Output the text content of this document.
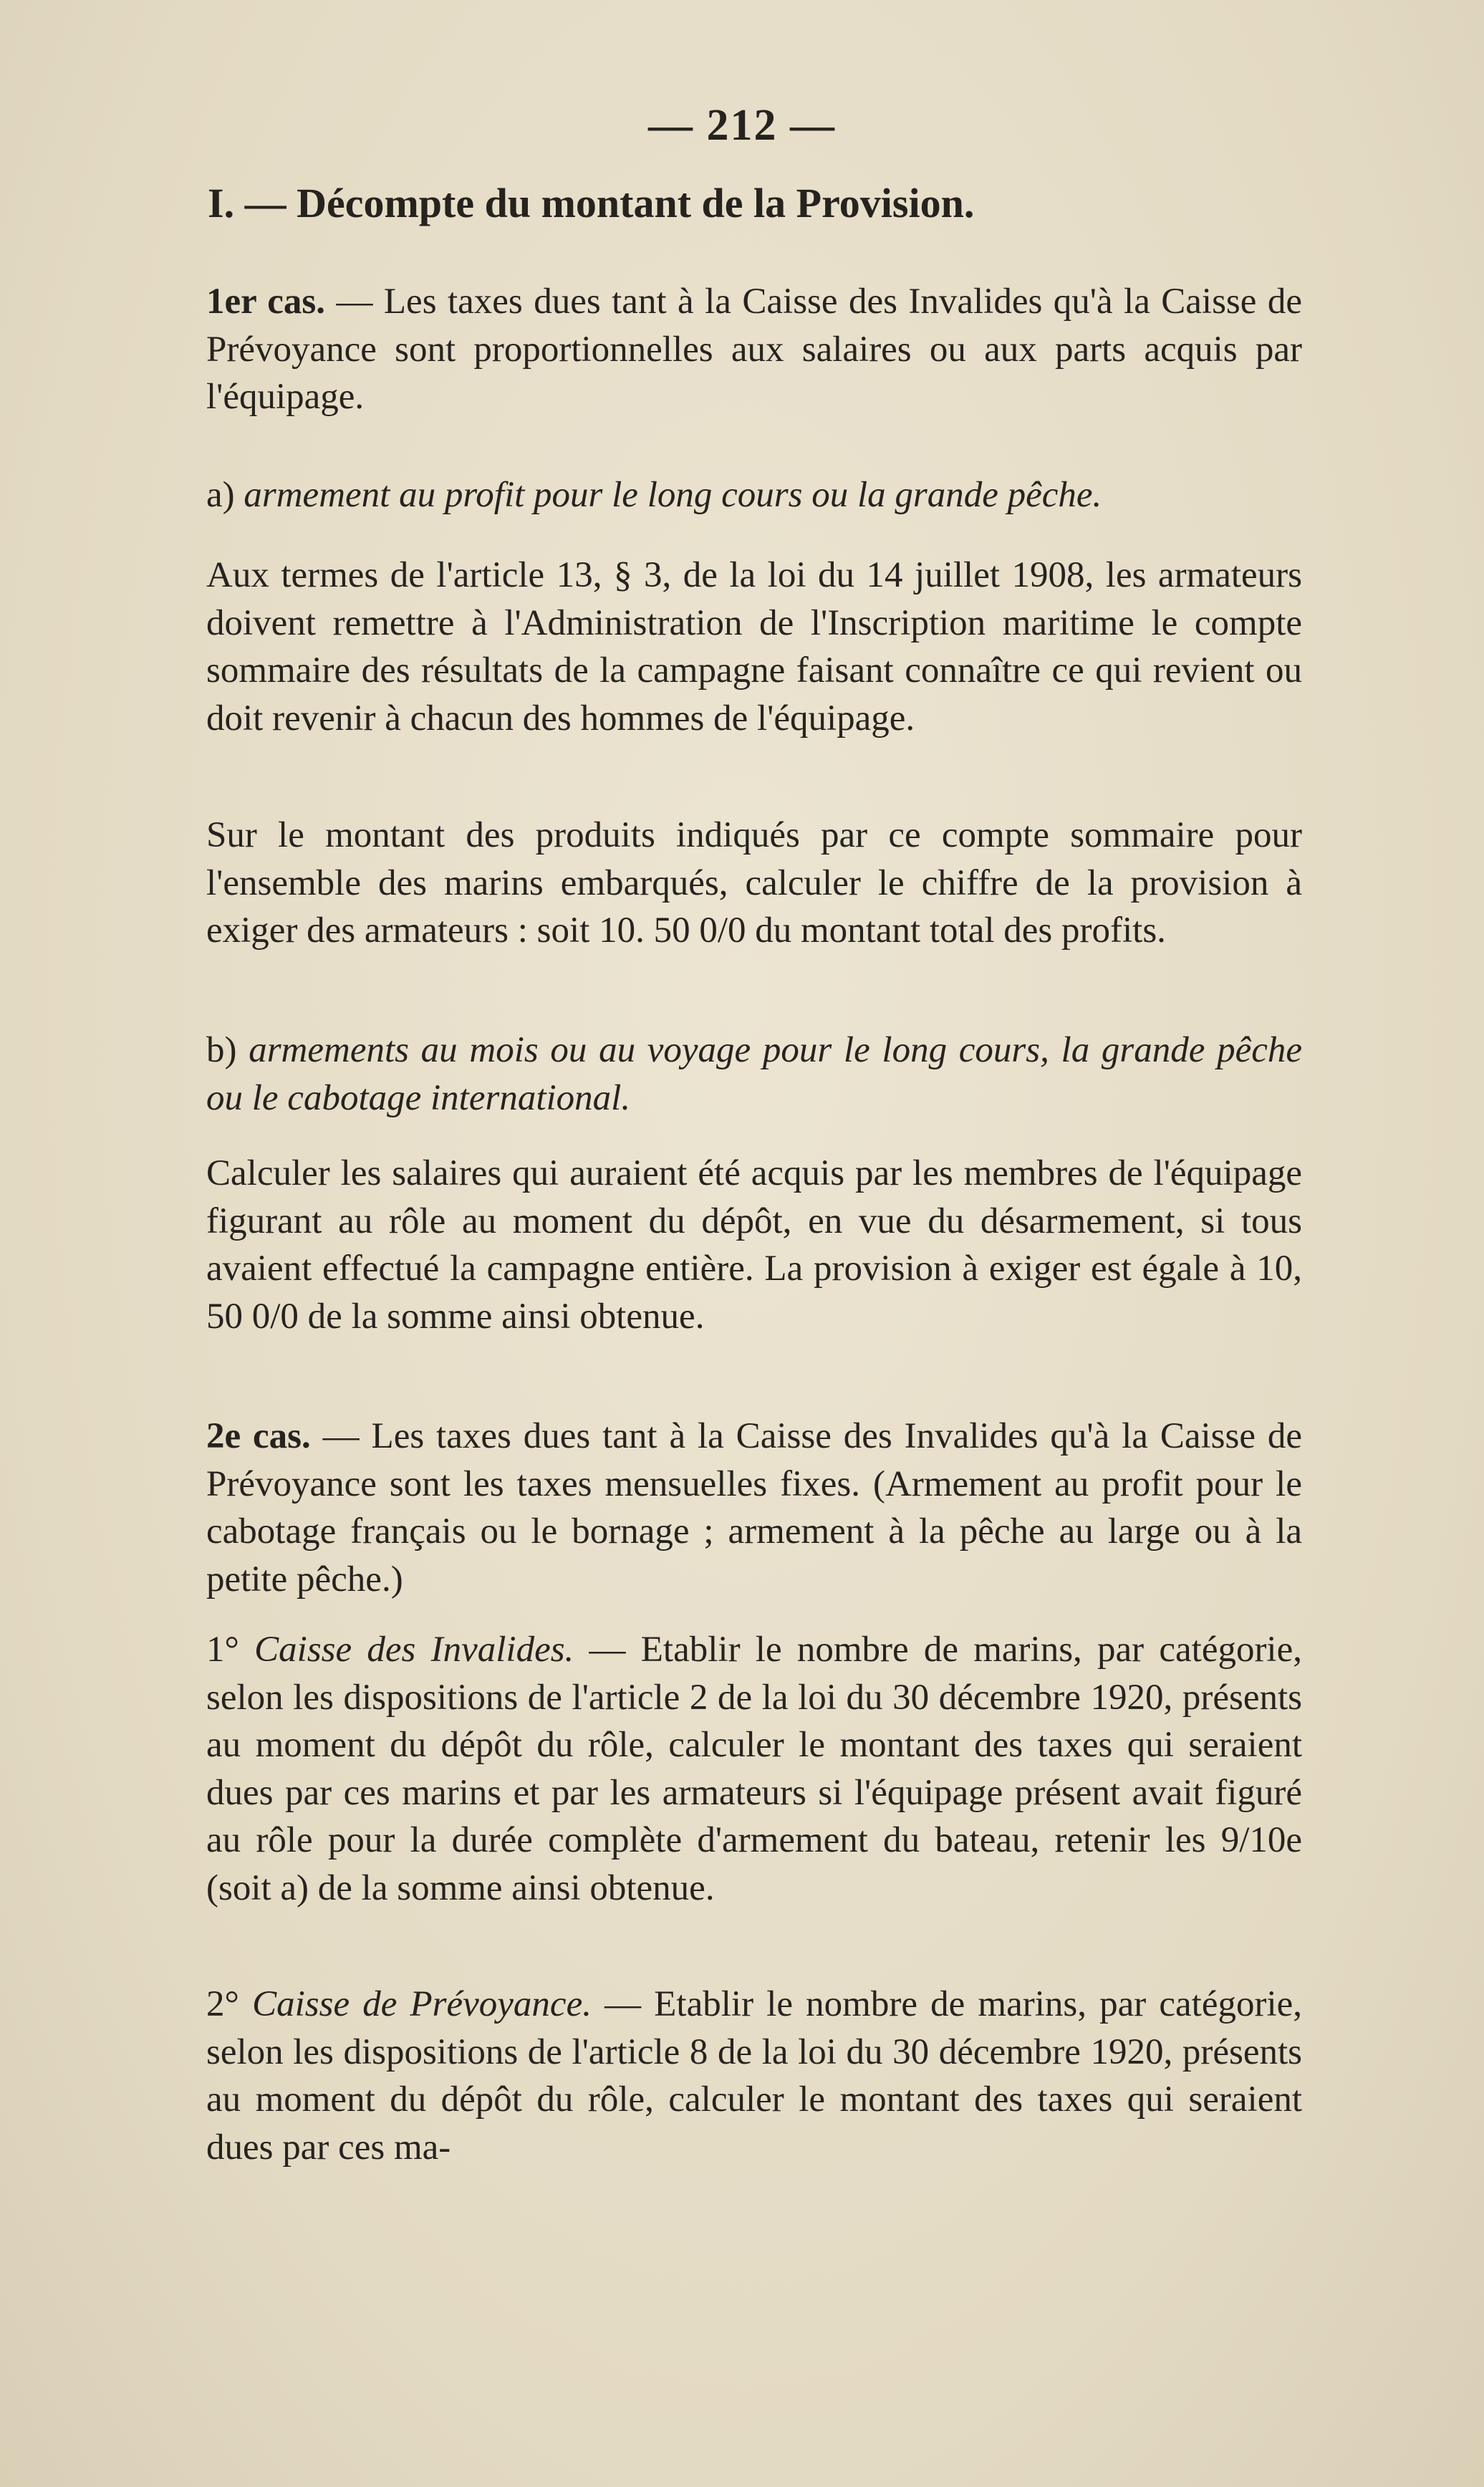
— 212 —
I. — Décompte du montant de la Provision.

1er cas. — Les taxes dues tant à la Caisse des Invalides qu'à la Caisse de Prévoyance sont proportionnelles aux salaires ou aux parts acquis par l'équipage.

a) armement au profit pour le long cours ou la grande pêche.

Aux termes de l'article 13, § 3, de la loi du 14 juillet 1908, les armateurs doivent remettre à l'Administration de l'Inscription maritime le compte sommaire des résultats de la campagne faisant connaître ce qui revient ou doit revenir à chacun des hommes de l'équipage.

Sur le montant des produits indiqués par ce compte sommaire pour l'ensemble des marins embarqués, calculer le chiffre de la provision à exiger des armateurs : soit 10. 50 0/0 du montant total des profits.

b) armements au mois ou au voyage pour le long cours, la grande pêche ou le cabotage international.

Calculer les salaires qui auraient été acquis par les membres de l'équipage figurant au rôle au moment du dépôt, en vue du désarmement, si tous avaient effectué la campagne entière. La provision à exiger est égale à 10, 50 0/0 de la somme ainsi obtenue.

2e cas. — Les taxes dues tant à la Caisse des Invalides qu'à la Caisse de Prévoyance sont les taxes mensuelles fixes. (Armement au profit pour le cabotage français ou le bornage ; armement à la pêche au large ou à la petite pêche.)

1° Caisse des Invalides. — Etablir le nombre de marins, par catégorie, selon les dispositions de l'article 2 de la loi du 30 décembre 1920, présents au moment du dépôt du rôle, calculer le montant des taxes qui seraient dues par ces marins et par les armateurs si l'équipage présent avait figuré au rôle pour la durée complète d'armement du bateau, retenir les 9/10e (soit a) de la somme ainsi obtenue.

2° Caisse de Prévoyance. — Etablir le nombre de marins, par catégorie, selon les dispositions de l'article 8 de la loi du 30 décembre 1920, présents au moment du dépôt du rôle, calculer le montant des taxes qui seraient dues par ces ma-
